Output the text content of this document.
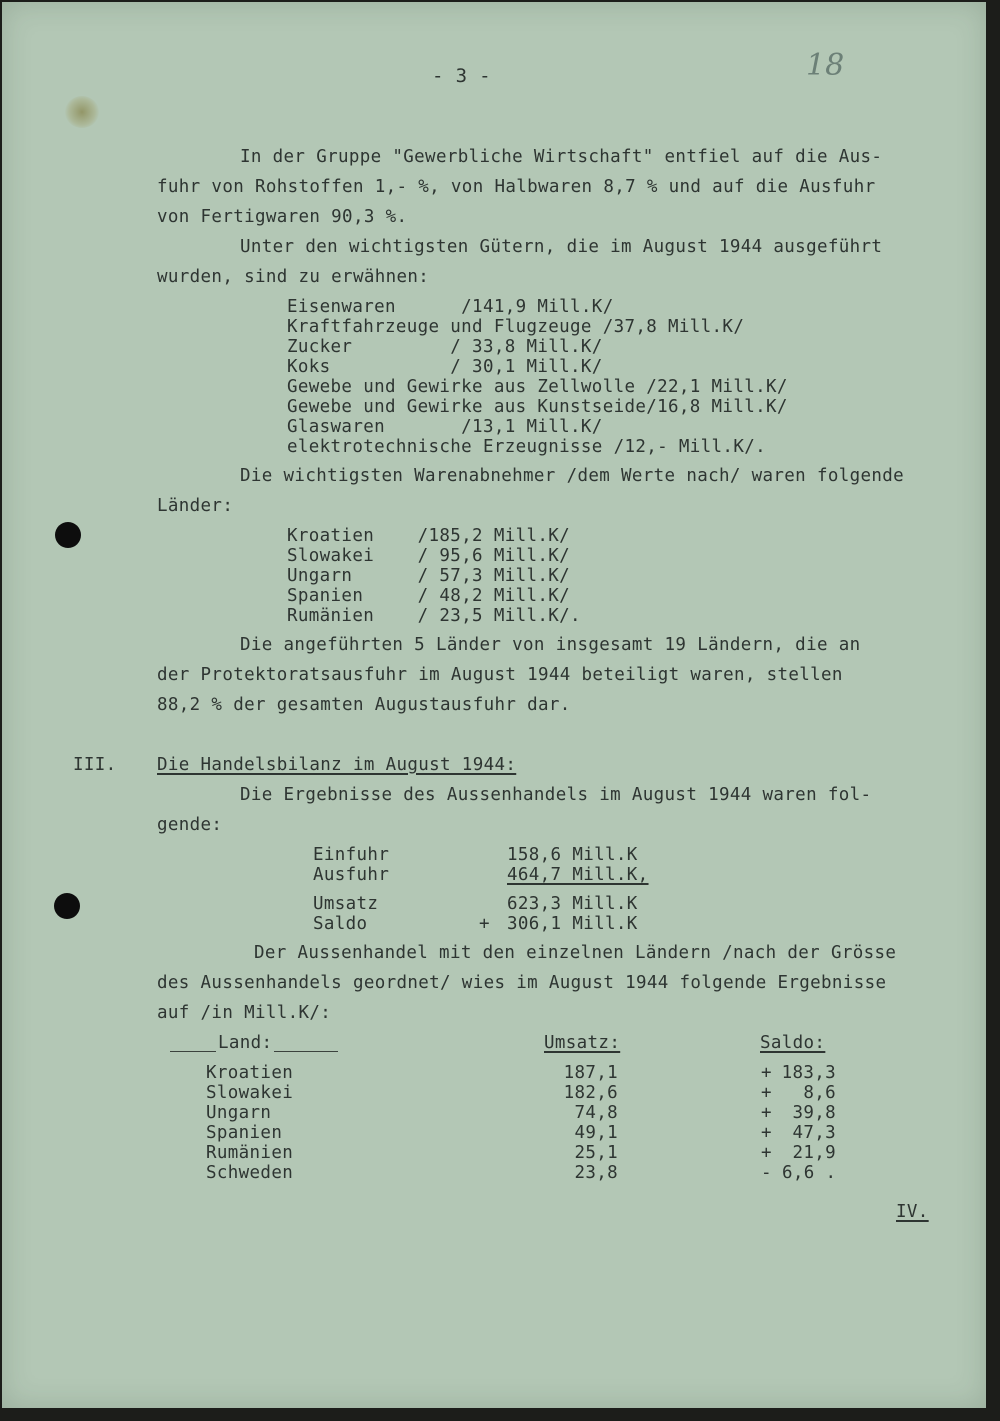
- 3 -	18
In der Gruppe "Gewerbliche Wirtschaft" entfiel auf die Aus-
fuhr von Rohstoffen 1,- %, von Halbwaren 8,7 % und auf die Ausfuhr
von Fertigwaren 90,3 %.
Unter den wichtigsten Gütern, die im August 1944 ausgeführt
wurden, sind zu erwähnen:
Eisenwaren      /141,9 Mill.K/
Kraftfahrzeuge und Flugzeuge /37,8 Mill.K/
Zucker         / 33,8 Mill.K/
Koks           / 30,1 Mill.K/
Gewebe und Gewirke aus Zellwolle /22,1 Mill.K/
Gewebe und Gewirke aus Kunstseide/16,8 Mill.K/
Glaswaren       /13,1 Mill.K/
elektrotechnische Erzeugnisse /12,- Mill.K/.
Die wichtigsten Warenabnehmer /dem Werte nach/ waren folgende
Länder:
Kroatien    /185,2 Mill.K/
Slowakei    / 95,6 Mill.K/
Ungarn      / 57,3 Mill.K/
Spanien     / 48,2 Mill.K/
Rumänien    / 23,5 Mill.K/.
Die angeführten 5 Länder von insgesamt 19 Ländern, die an
der Protektoratsausfuhr im August 1944 beteiligt waren, stellen
88,2 % der gesamten Augustausfuhr dar.
III. Die Handelsbilanz im August 1944:
Die Ergebnisse des Aussenhandels im August 1944 waren fol-
gende:
Einfuhr	158,6 Mill.K
Ausfuhr	464,7 Mill.K,
Umsatz	623,3 Mill.K
Saldo	+ 306,1 Mill.K
Der Aussenhandel mit den einzelnen Ländern /nach der Grösse
des Aussenhandels geordnet/ wies im August 1944 folgende Ergebnisse
auf /in Mill.K/:
Land:	Umsatz:	Saldo:
Kroatien	187,1	+ 183,3
Slowakei	182,6	+	8,6
Ungarn	74,8	+	39,8
Spanien	49,1	+	47,3
Rumänien	25,1	+	21,9
Schweden	23,8	- 6,6 .
IV.
